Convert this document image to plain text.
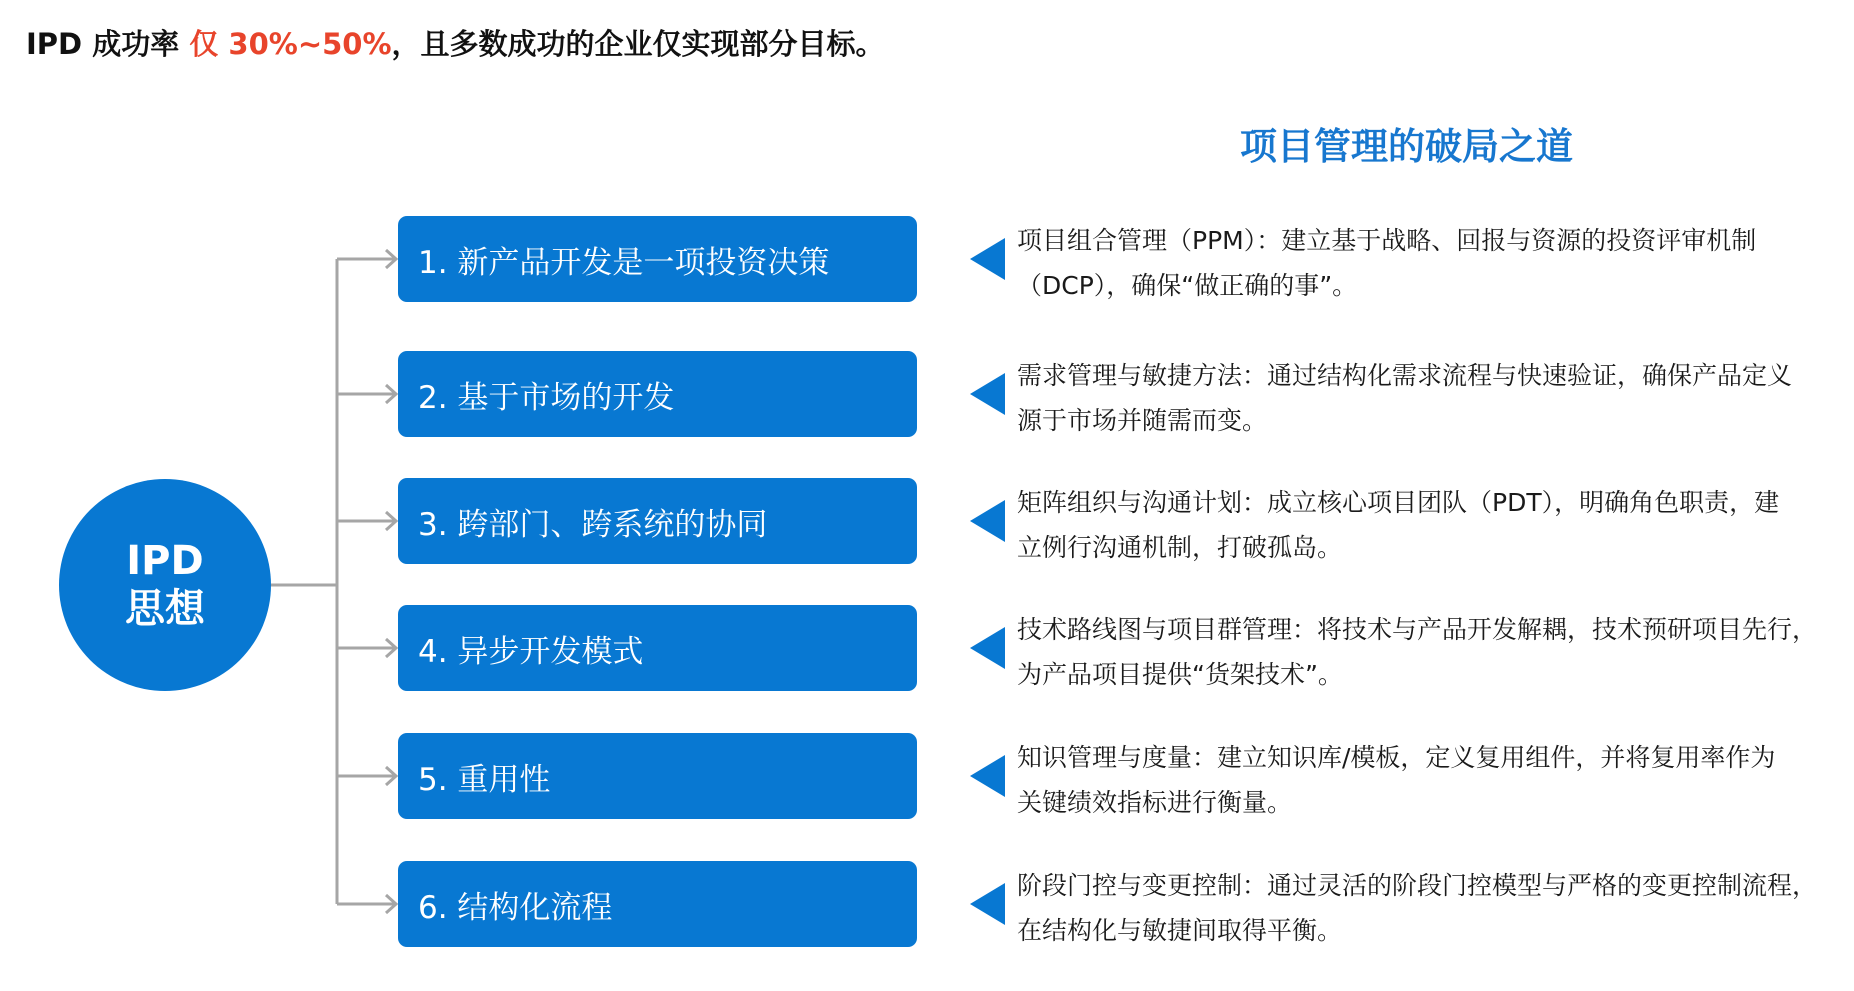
IPD 成功率 仅 30%~50%，且多数成功的企业仅实现部分目标。
项目管理的破局之道
IPD
思想
1. 新产品开发是一项投资决策
2. 基于市场的开发
3. 跨部门、跨系统的协同
4. 异步开发模式
5. 重用性
6. 结构化流程
项目组合管理（PPM）：建立基于战略、回报与资源的投资评审机制
（DCP），确保“做正确的事”。
需求管理与敏捷方法：通过结构化需求流程与快速验证，确保产品定义
源于市场并随需而变。
矩阵组织与沟通计划：成立核心项目团队（PDT），明确角色职责，建
立例行沟通机制，打破孤岛。
技术路线图与项目群管理：将技术与产品开发解耦，技术预研项目先行，
为产品项目提供“货架技术”。
知识管理与度量：建立知识库/模板，定义复用组件，并将复用率作为
关键绩效指标进行衡量。
阶段门控与变更控制：通过灵活的阶段门控模型与严格的变更控制流程，
在结构化与敏捷间取得平衡。
